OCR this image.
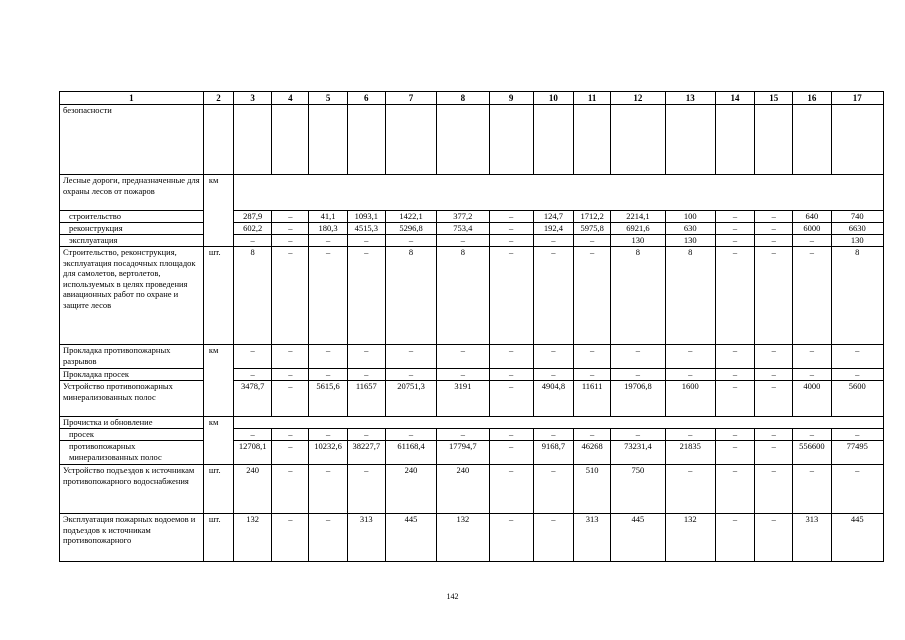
1	2	3	4	5	6	7	8	9	10	11	12	13	14	15	16	17
безопасности																
Лесные дороги, предназначенные для охраны лесов от пожаров	км															
строительство		287,9	–	41,1	1093,1	1422,1	377,2	–	124,7	1712,2	2214,1	100	–	–	640	740
реконструкция		602,2	–	180,3	4515,3	5296,8	753,4	–	192,4	5975,8	6921,6	630	–	–	6000	6630
эксплуатация		–	–	–	–	–	–	–	–	–	130	130	–	–	–	130
Строительство, реконструкция, эксплуатация посадочных площадок для самолетов, вертолетов, используемых в целях проведения авиационных работ по охране и защите лесов	шт.	8	–	–	–	8	8	–	–	–	8	8	–	–	–	8
Прокладка противопожарных разрывов	км	–	–	–	–	–	–	–	–	–	–	–	–	–	–	–
Прокладка просек		–	–	–	–	–	–	–	–	–	–	–	–	–	–	–
Устройство противопожарных минерализованных полос		3478,7	–	5615,6	11657	20751,3	3191	–	4904,8	11611	19706,8	1600	–	–	4000	5600
Прочистка и обновление	км															
просек		–	–	–	–	–	–	–	–	–	–	–	–	–	–	–
противопожарных минерализованных полос		12708,1	–	10232,6	38227,7	61168,4	17794,7	–	9168,7	46268	73231,4	21835	–	–	556600	77495
Устройство подъездов к источникам противопожарного водоснабжения	шт.	240	–	–	–	240	240	–	–	510	750	–	–	–	–	–
Эксплуатация пожарных водоемов и подъездов к источникам противопожарного	шт.	132	–	–	313	445	132	–	–	313	445	132	–	–	313	445
142
